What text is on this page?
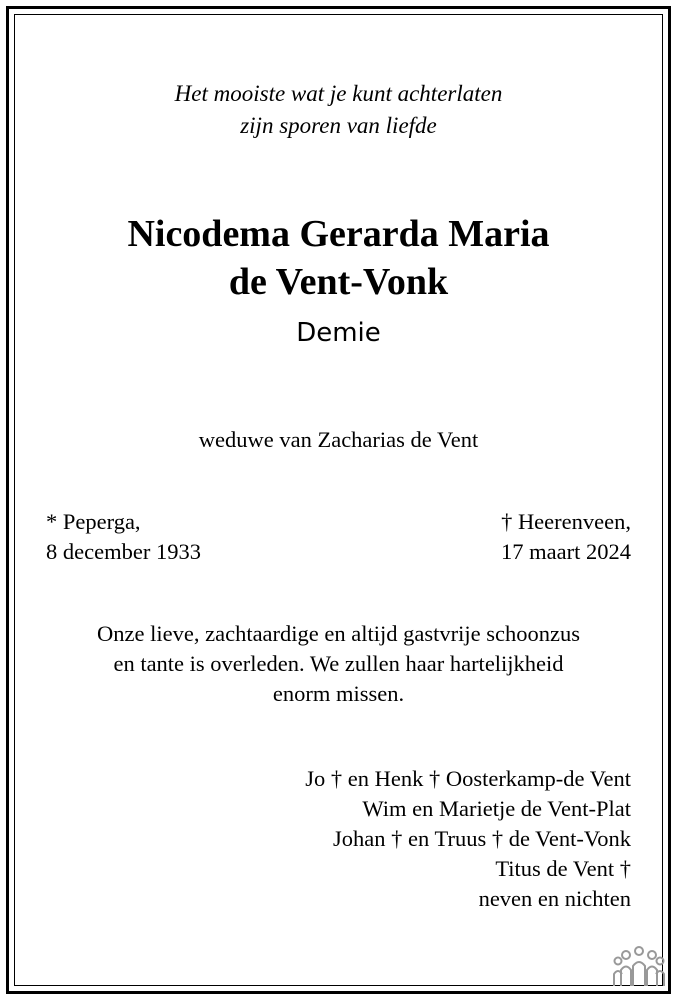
Het mooiste wat je kunt achterlaten
zijn sporen van liefde
Nicodema Gerarda Maria
de Vent-Vonk
Demie
weduwe van Zacharias de Vent
* Peperga,
8 december 1933
† Heerenveen,
17 maart 2024
Onze lieve, zachtaardige en altijd gastvrije schoonzus
en tante is overleden. We zullen haar hartelijkheid
enorm missen.
Jo † en Henk † Oosterkamp-de Vent
Wim en Marietje de Vent-Plat
Johan † en Truus † de Vent-Vonk
Titus de Vent †
neven en nichten
